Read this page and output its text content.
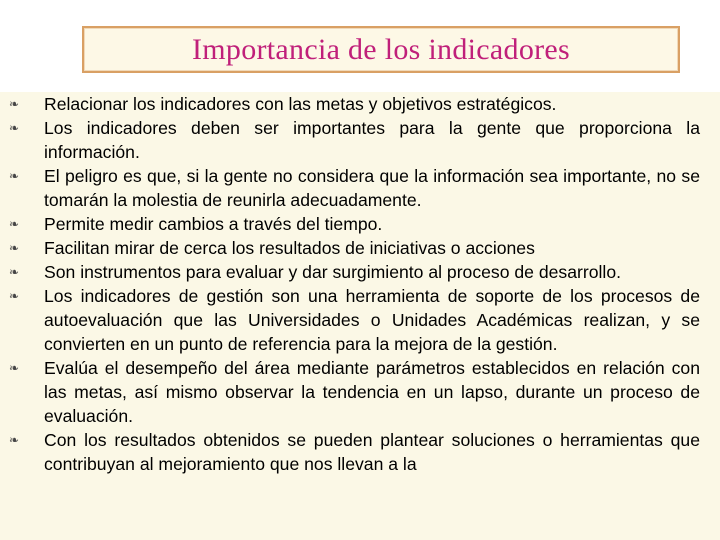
Importancia de los indicadores
❧ Relacionar los indicadores con las metas y objetivos estratégicos.
❧ Los indicadores deben ser importantes para la gente que proporciona la información.
❧ El peligro es que, si la gente no considera que la información sea importante, no se tomarán la molestia de reunirla adecuadamente.
❧ Permite medir cambios a través del tiempo.
❧ Facilitan mirar de cerca los resultados de iniciativas o acciones
❧ Son instrumentos para evaluar y dar surgimiento al proceso de desarrollo.
❧ Los indicadores de gestión son una herramienta de soporte de los procesos de autoevaluación que las Universidades o Unidades Académicas realizan, y se convierten en un punto de referencia para la mejora de la gestión.
❧ Evalúa el desempeño del área mediante parámetros establecidos en relación con las metas, así mismo observar la tendencia en un lapso, durante un proceso de evaluación.
❧ Con los resultados obtenidos se pueden plantear soluciones o herramientas que contribuyan al mejoramiento que nos llevan a la
